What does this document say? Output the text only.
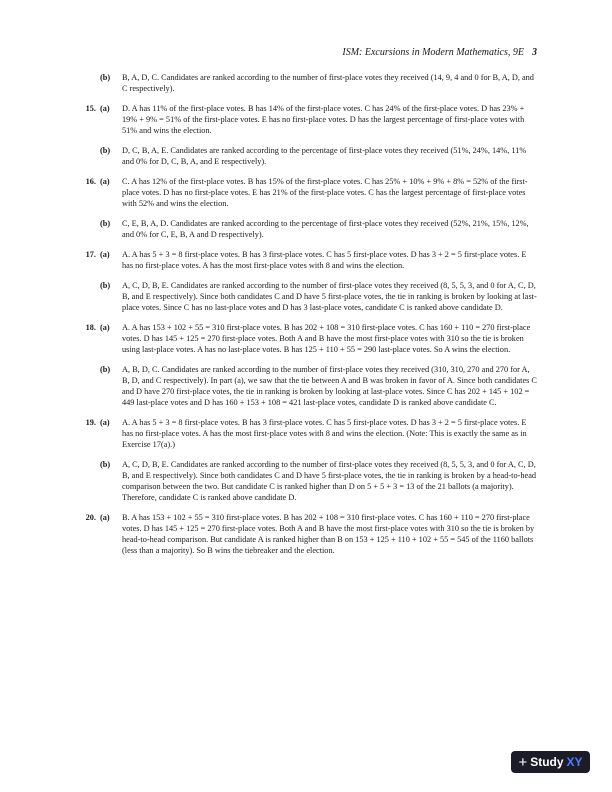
ISM: Excursions in Modern Mathematics, 9E 3
(b) B, A, D, C. Candidates are ranked according to the number of first-place votes they received (14, 9, 4 and 0 for B, A, D, and C respectively).
15. (a) D. A has 11% of the first-place votes. B has 14% of the first-place votes. C has 24% of the first-place votes. D has 23% + 19% + 9% = 51% of the first-place votes. E has no first-place votes. D has the largest percentage of first-place votes with 51% and wins the election.
(b) D, C, B, A, E. Candidates are ranked according to the percentage of first-place votes they received (51%, 24%, 14%, 11% and 0% for D, C, B, A, and E respectively).
16. (a) C. A has 12% of the first-place votes. B has 15% of the first-place votes. C has 25% + 10% + 9% + 8% = 52% of the first-place votes. D has no first-place votes. E has 21% of the first-place votes. C has the largest percentage of first-place votes with 52% and wins the election.
(b) C, E, B, A, D. Candidates are ranked according to the percentage of first-place votes they received (52%, 21%, 15%, 12%, and 0% for C, E, B, A and D respectively).
17. (a) A. A has 5 + 3 = 8 first-place votes. B has 3 first-place votes. C has 5 first-place votes. D has 3 + 2 = 5 first-place votes. E has no first-place votes. A has the most first-place votes with 8 and wins the election.
(b) A, C, D, B, E. Candidates are ranked according to the number of first-place votes they received (8, 5, 5, 3, and 0 for A, C, D, B, and E respectively). Since both candidates C and D have 5 first-place votes, the tie in ranking is broken by looking at last-place votes. Since C has no last-place votes and D has 3 last-place votes, candidate C is ranked above candidate D.
18. (a) A. A has 153 + 102 + 55 = 310 first-place votes. B has 202 + 108 = 310 first-place votes. C has 160 + 110 = 270 first-place votes. D has 145 + 125 = 270 first-place votes. Both A and B have the most first-place votes with 310 so the tie is broken using last-place votes. A has no last-place votes. B has 125 + 110 + 55 = 290 last-place votes. So A wins the election.
(b) A, B, D, C. Candidates are ranked according to the number of first-place votes they received (310, 310, 270 and 270 for A, B, D, and C respectively). In part (a), we saw that the tie between A and B was broken in favor of A. Since both candidates C and D have 270 first-place votes, the tie in ranking is broken by looking at last-place votes. Since C has 202 + 145 + 102 = 449 last-place votes and D has 160 + 153 + 108 = 421 last-place votes, candidate D is ranked above candidate C.
19. (a) A. A has 5 + 3 = 8 first-place votes. B has 3 first-place votes. C has 5 first-place votes. D has 3 + 2 = 5 first-place votes. E has no first-place votes. A has the most first-place votes with 8 and wins the election. (Note: This is exactly the same as in Exercise 17(a).)
(b) A, C, D, B, E. Candidates are ranked according to the number of first-place votes they received (8, 5, 5, 3, and 0 for A, C, D, B, and E respectively). Since both candidates C and D have 5 first-place votes, the tie in ranking is broken by a head-to-head comparison between the two. But candidate C is ranked higher than D on 5 + 5 + 3 = 13 of the 21 ballots (a majority). Therefore, candidate C is ranked above candidate D.
20. (a) B. A has 153 + 102 + 55 = 310 first-place votes. B has 202 + 108 = 310 first-place votes. C has 160 + 110 = 270 first-place votes. D has 145 + 125 = 270 first-place votes. Both A and B have the most first-place votes with 310 so the tie is broken by head-to-head comparison. But candidate A is ranked higher than B on 153 + 125 + 110 + 102 + 55 = 545 of the 1160 ballots (less than a majority). So B wins the tiebreaker and the election.
+ Study XY
